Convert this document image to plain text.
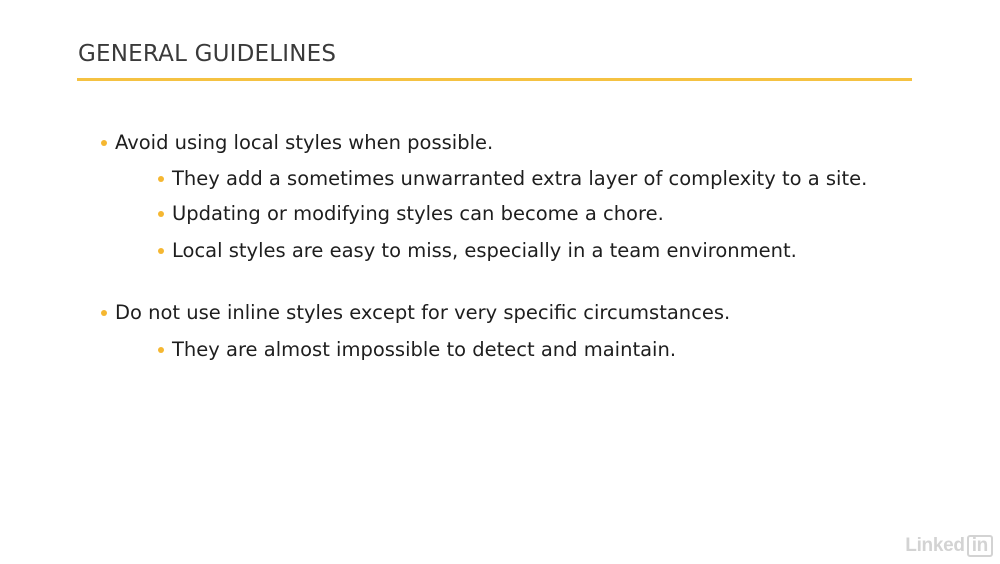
GENERAL GUIDELINES
Avoid using local styles when possible.
They add a sometimes unwarranted extra layer of complexity to a site.
Updating or modifying styles can become a chore.
Local styles are easy to miss, especially in a team environment.
Do not use inline styles except for very specific circumstances.
They are almost impossible to detect and maintain.
Linked in
